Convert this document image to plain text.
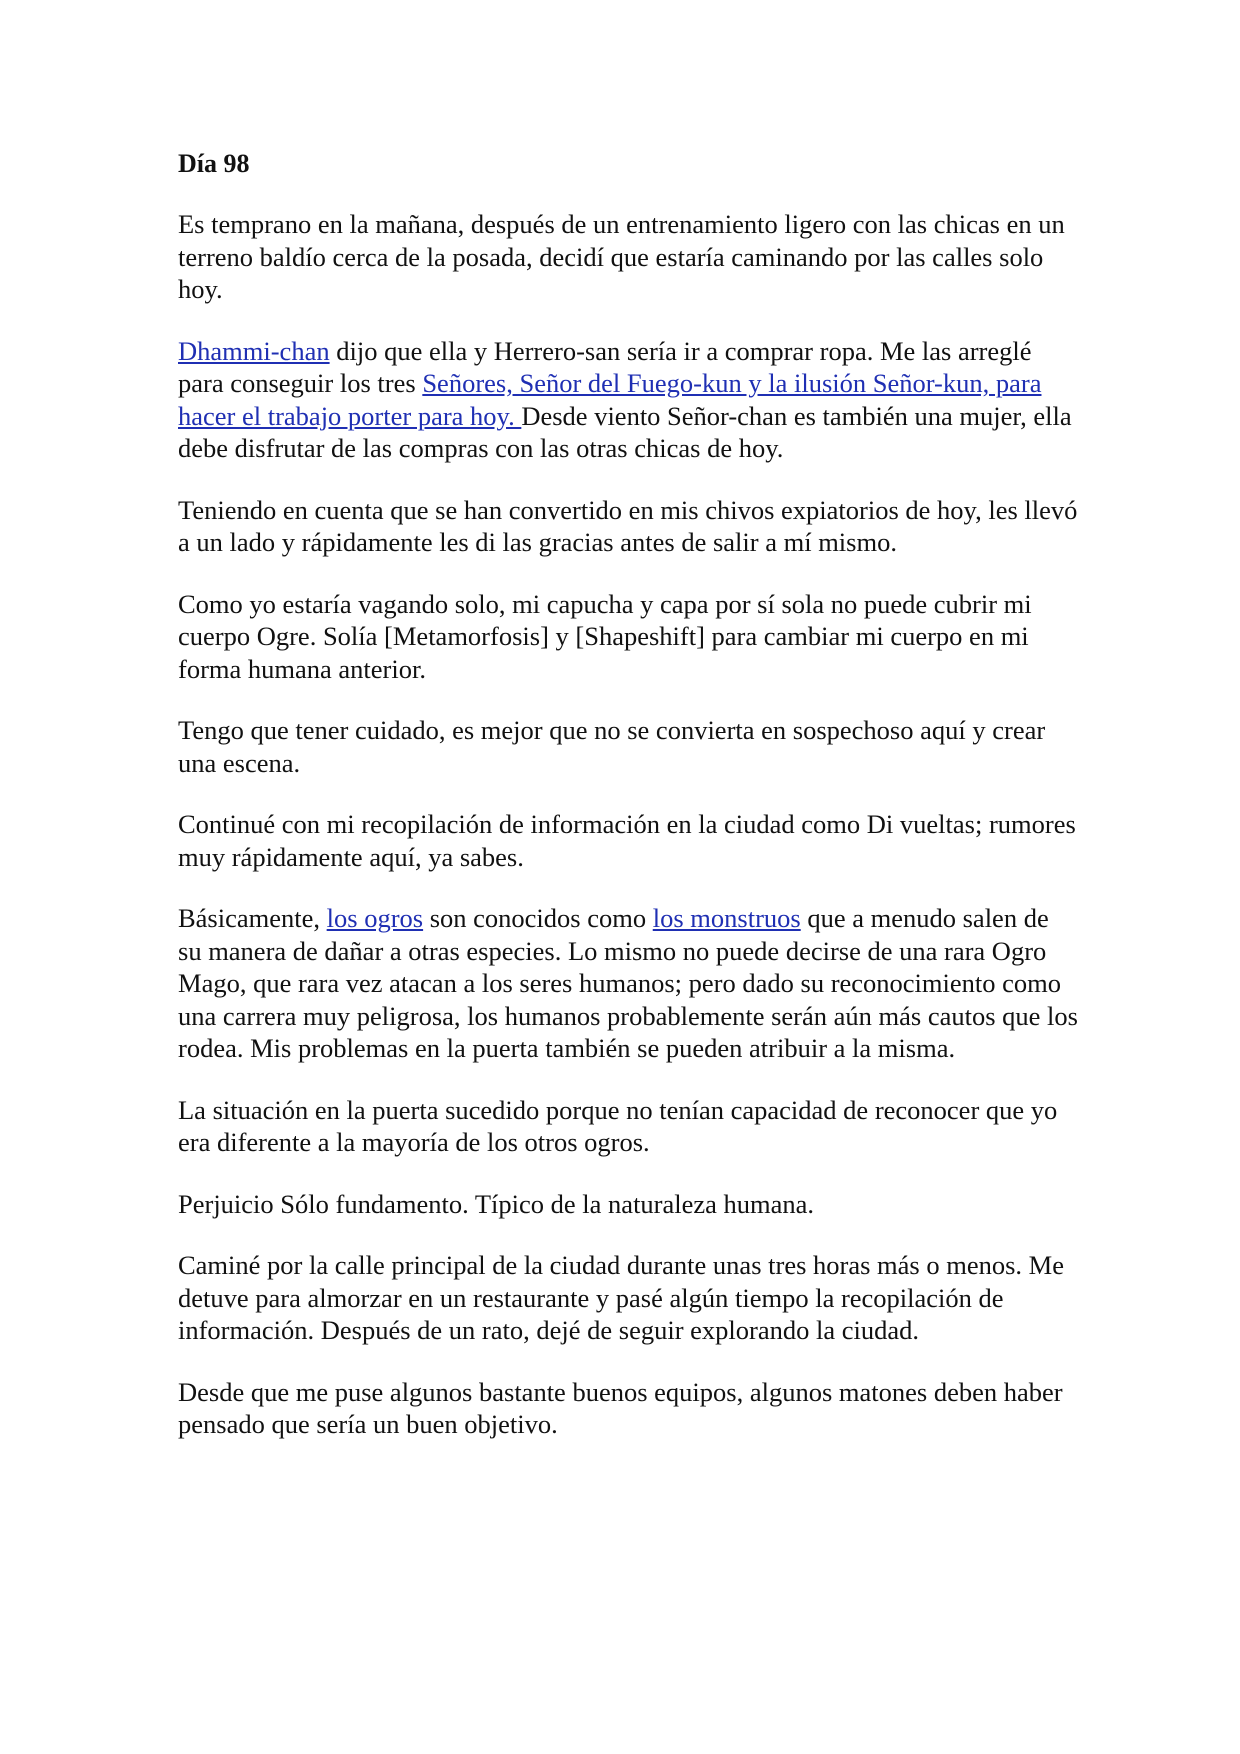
Día 98

Es temprano en la mañana, después de un entrenamiento ligero con las chicas en un terreno baldío cerca de la posada, decidí que estaría caminando por las calles solo hoy.

Dhammi-chan dijo que ella y Herrero-san sería ir a comprar ropa. Me las arreglé para conseguir los tres Señores, Señor del Fuego-kun y la ilusión Señor-kun, para hacer el trabajo porter para hoy. Desde viento Señor-chan es también una mujer, ella debe disfrutar de las compras con las otras chicas de hoy.

Teniendo en cuenta que se han convertido en mis chivos expiatorios de hoy, les llevó a un lado y rápidamente les di las gracias antes de salir a mí mismo.

Como yo estaría vagando solo, mi capucha y capa por sí sola no puede cubrir mi cuerpo Ogre. Solía [Metamorfosis] y [Shapeshift] para cambiar mi cuerpo en mi forma humana anterior.

Tengo que tener cuidado, es mejor que no se convierta en sospechoso aquí y crear una escena.

Continué con mi recopilación de información en la ciudad como Di vueltas; rumores muy rápidamente aquí, ya sabes.

Básicamente, los ogros son conocidos como los monstruos que a menudo salen de su manera de dañar a otras especies. Lo mismo no puede decirse de una rara Ogro Mago, que rara vez atacan a los seres humanos; pero dado su reconocimiento como una carrera muy peligrosa, los humanos probablemente serán aún más cautos que los rodea. Mis problemas en la puerta también se pueden atribuir a la misma.

La situación en la puerta sucedido porque no tenían capacidad de reconocer que yo era diferente a la mayoría de los otros ogros.

Perjuicio Sólo fundamento. Típico de la naturaleza humana.

Caminé por la calle principal de la ciudad durante unas tres horas más o menos. Me detuve para almorzar en un restaurante y pasé algún tiempo la recopilación de información. Después de un rato, dejé de seguir explorando la ciudad.

Desde que me puse algunos bastante buenos equipos, algunos matones deben haber pensado que sería un buen objetivo.
